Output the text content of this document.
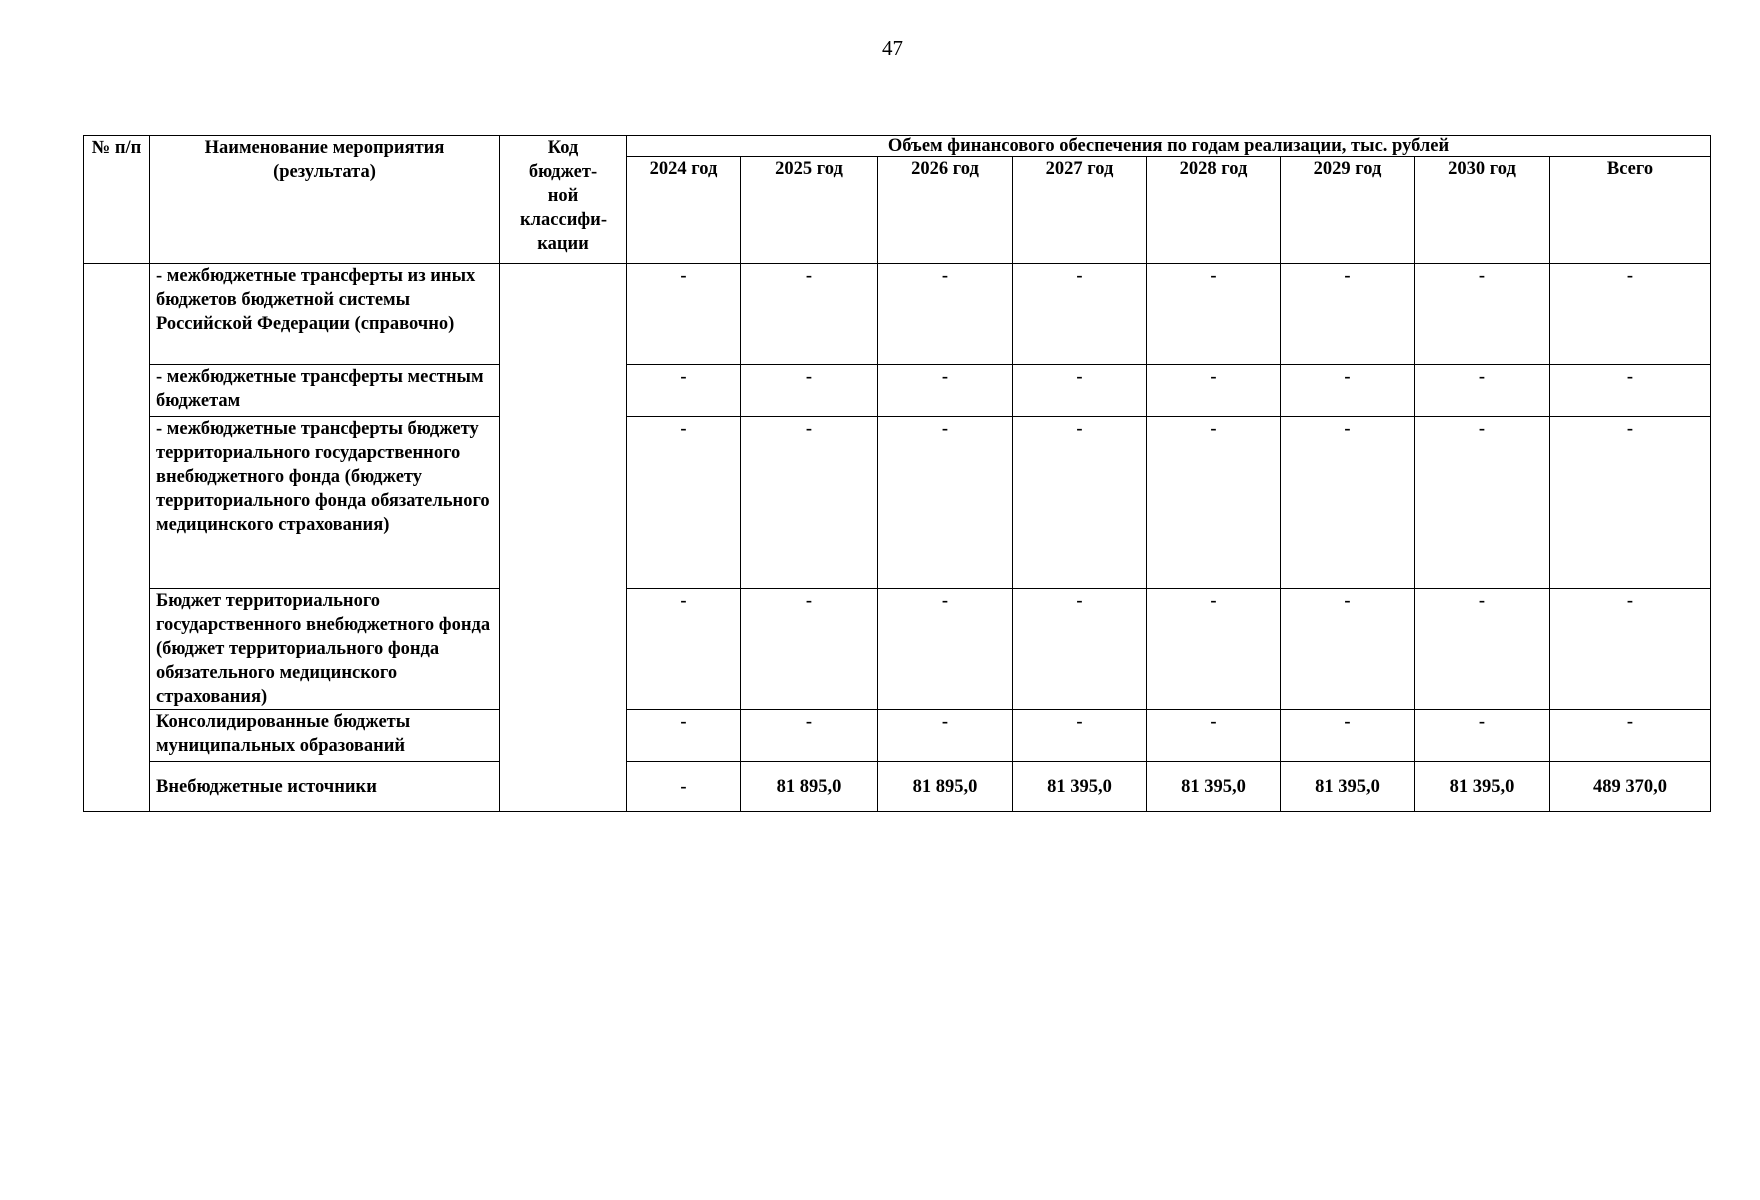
47
№ п/п	Наименование мероприятия (результата)	Код бюджет-ной классифи-кации	Объем финансового обеспечения по годам реализации, тыс. рублей							
			2024 год	2025 год	2026 год	2027 год	2028 год	2029 год	2030 год	Всего
	- межбюджетные трансферты из иных бюджетов бюджетной системы Российской Федерации (справочно)		-	-	-	-	-	-	-	-
	- межбюджетные трансферты местным бюджетам		-	-	-	-	-	-	-	-
	- межбюджетные трансферты бюджету территориального государственного внебюджетного фонда (бюджету территориального фонда обязательного медицинского страхования)		-	-	-	-	-	-	-	-
	Бюджет территориального государственного внебюджетного фонда (бюджет территориального фонда обязательного медицинского страхования)		-	-	-	-	-	-	-	-
	Консолидированные бюджеты муниципальных образований		-	-	-	-	-	-	-	-
	Внебюджетные источники		-	81 895,0	81 895,0	81 395,0	81 395,0	81 395,0	81 395,0	489 370,0
